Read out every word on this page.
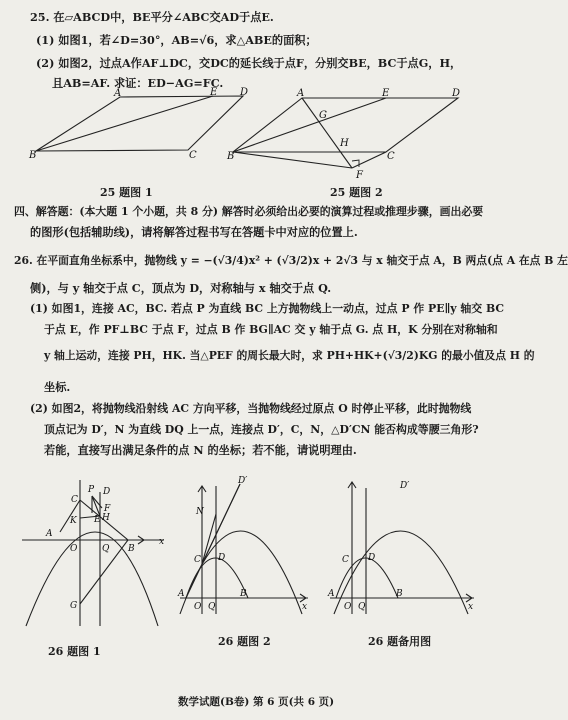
25. 在▱ABCD中，BE平分∠ABC交AD于点E.
(1) 如图1，若∠D=30°，AB=√6，求△ABE的面积；
(2) 如图2，过点A作AF⊥DC，交DC的延长线于点F，分别交BE，BC于点G，H，
且AB=AF. 求证：ED−AG=FC.
A	E D
B	C
25 题图 1
A	E	D
G
H
B	C
F
25 题图 2
四、解答题：(本大题 1 个小题，共 8 分) 解答时必须给出必要的演算过程或推理步骤，画出必要
的图形(包括辅助线)，请将解答过程书写在答题卡中对应的位置上.
26. 在平面直角坐标系中，抛物线 y = −(√3/4)x² + (√3/2)x + 2√3 与 x 轴交于点 A，B 两点(点 A 在点 B 左
侧)，与 y 轴交于点 C，顶点为 D，对称轴与 x 轴交于点 Q.
(1) 如图1，连接 AC，BC. 若点 P 为直线 BC 上方抛物线上一动点，过点 P 作 PE∥y 轴交 BC
于点 E，作 PF⊥BC 于点 F，过点 B 作 BG∥AC 交 y 轴于点 G. 点 H，K 分别在对称轴和
y 轴上运动，连接 PH，HK. 当△PEF 的周长最大时，求 PH+HK+(√3/2)KG 的最小值及点 H 的
坐标.
(2) 如图2，将抛物线沿射线 AC 方向平移，当抛物线经过原点 O 时停止平移，此时抛物线
顶点记为 D′，N 为直线 DQ 上一点，连接点 D′，C，N，△D′CN 能否构成等腰三角形?
若能，直接写出满足条件的点 N 的坐标；若不能，请说明理由.
C
P D
F
E
K	H
A
O	Q B
x
G
26 题图 1
D′
N
C D
A
O Q
B
x
26 题图 2
D′
C D
A
O Q
B
x
26 题备用图
数学试题(B卷) 第 6 页(共 6 页)
